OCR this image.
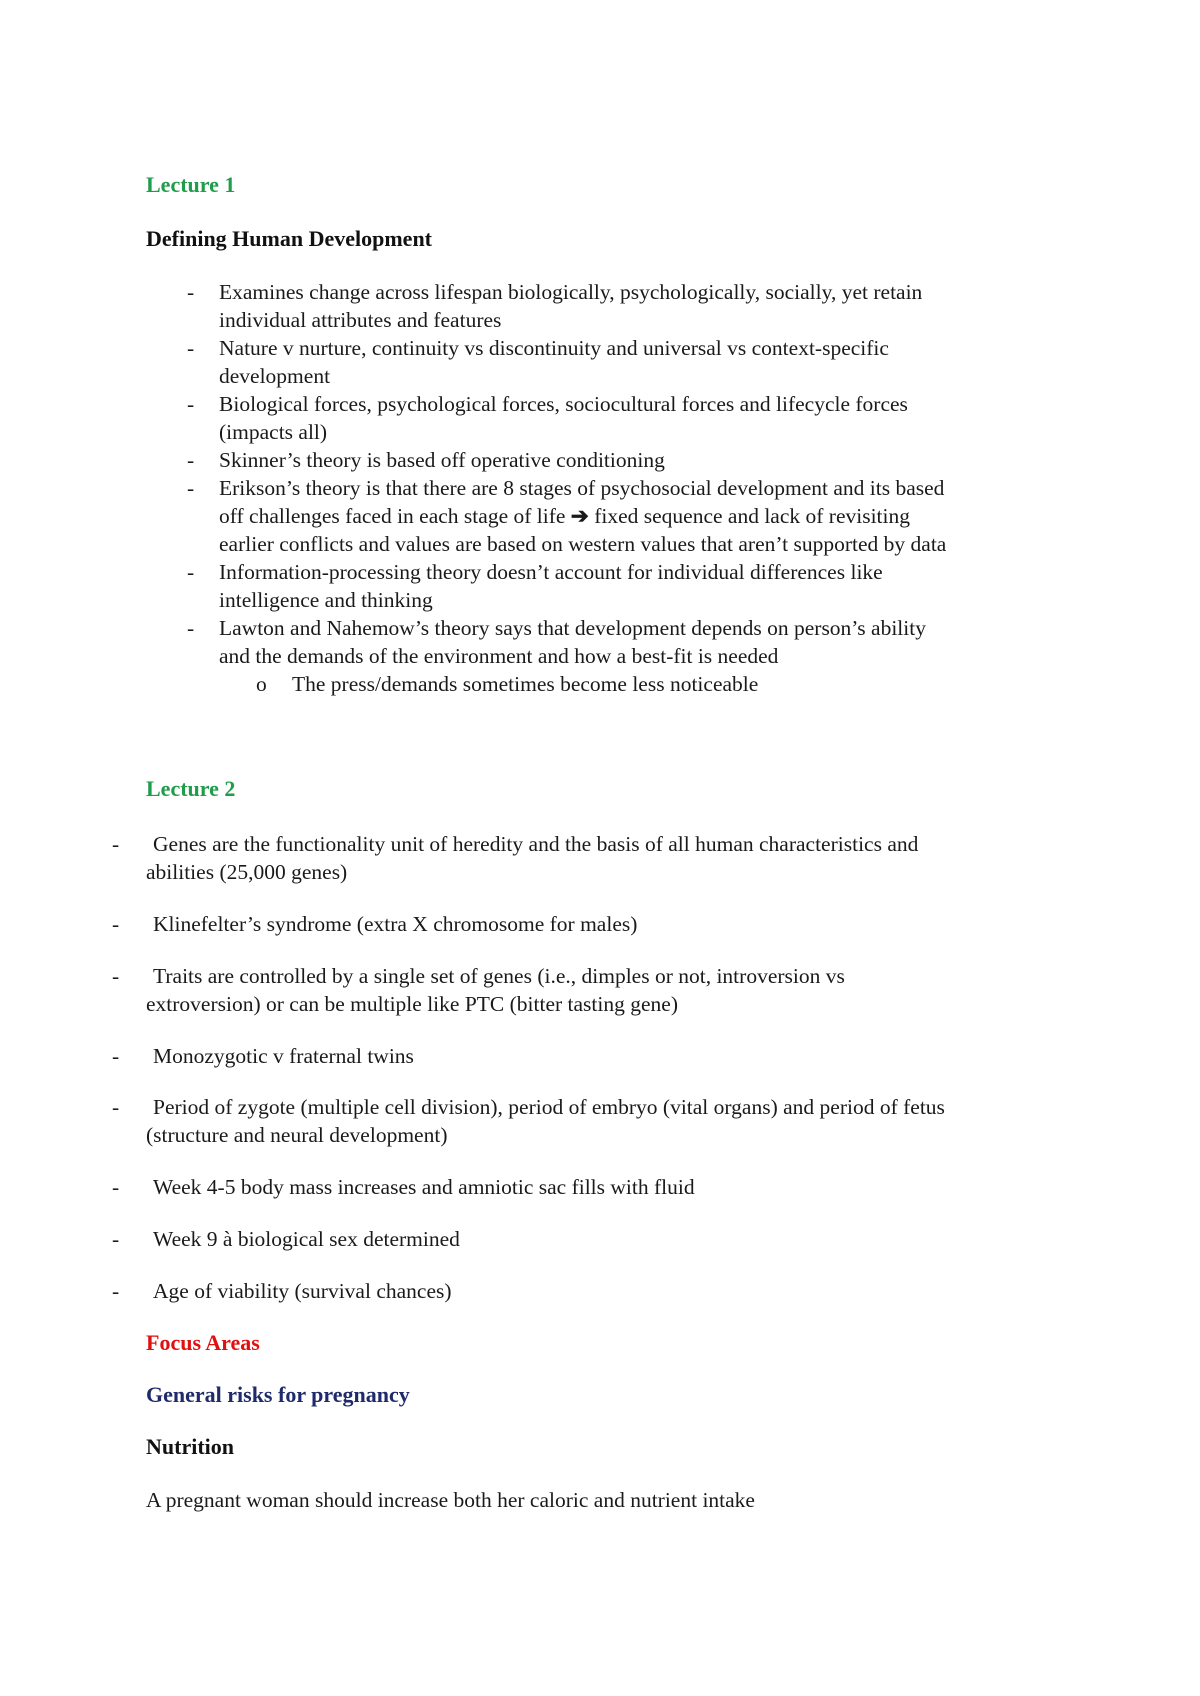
Lecture 1
Defining Human Development
- Examines change across lifespan biologically, psychologically, socially, yet retain
individual attributes and features
- Nature v nurture, continuity vs discontinuity and universal vs context-specific
development
- Biological forces, psychological forces, sociocultural forces and lifecycle forces
(impacts all)
- Skinner’s theory is based off operative conditioning
- Erikson’s theory is that there are 8 stages of psychosocial development and its based
off challenges faced in each stage of life ➔ fixed sequence and lack of revisiting
earlier conflicts and values are based on western values that aren’t supported by data
- Information-processing theory doesn’t account for individual differences like
intelligence and thinking
- Lawton and Nahemow’s theory says that development depends on person’s ability
and the demands of the environment and how a best-fit is needed
o The press/demands sometimes become less noticeable
Lecture 2
- Genes are the functionality unit of heredity and the basis of all human characteristics and
abilities (25,000 genes)
- Klinefelter’s syndrome (extra X chromosome for males)
- Traits are controlled by a single set of genes (i.e., dimples or not, introversion vs
extroversion) or can be multiple like PTC (bitter tasting gene)
- Monozygotic v fraternal twins
- Period of zygote (multiple cell division), period of embryo (vital organs) and period of fetus
(structure and neural development)
- Week 4-5 body mass increases and amniotic sac fills with fluid
- Week 9 à biological sex determined
- Age of viability (survival chances)
Focus Areas
General risks for pregnancy
Nutrition
A pregnant woman should increase both her caloric and nutrient intake
